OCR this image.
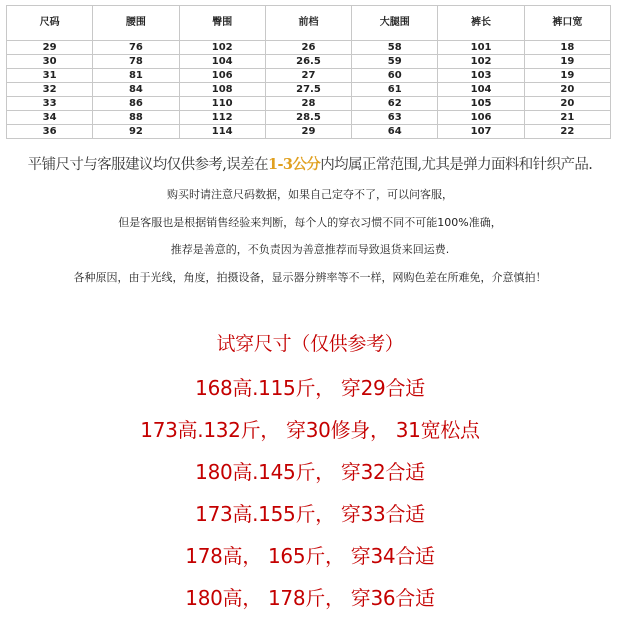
尺码	腰围	臀围	前档	大腿围	裤长	裤口宽
29	76	102	26	58	101	18
30	78	104	26.5	59	102	19
31	81	106	27	60	103	19
32	84	108	27.5	61	104	20
33	86	110	28	62	105	20
34	88	112	28.5	63	106	21
36	92	114	29	64	107	22
平铺尺寸与客服建议均仅供参考,误差在1-3公分内均属正常范围,尤其是弹力面料和针织产品.
购买时请注意尺码数据，如果自己定夺不了，可以问客服，
但是客服也是根据销售经验来判断，每个人的穿衣习惯不同不可能100%准确，
推荐是善意的，不负责因为善意推荐而导致退货来回运费.
各种原因，由于光线，角度，拍摄设备，显示器分辨率等不一样，网购色差在所难免，介意慎拍！
试穿尺寸（仅供参考）
168高.115斤， 穿29合适
173高.132斤， 穿30修身， 31宽松点
180高.145斤， 穿32合适
173高.155斤， 穿33合适
178高， 165斤， 穿34合适
180高， 178斤， 穿36合适
